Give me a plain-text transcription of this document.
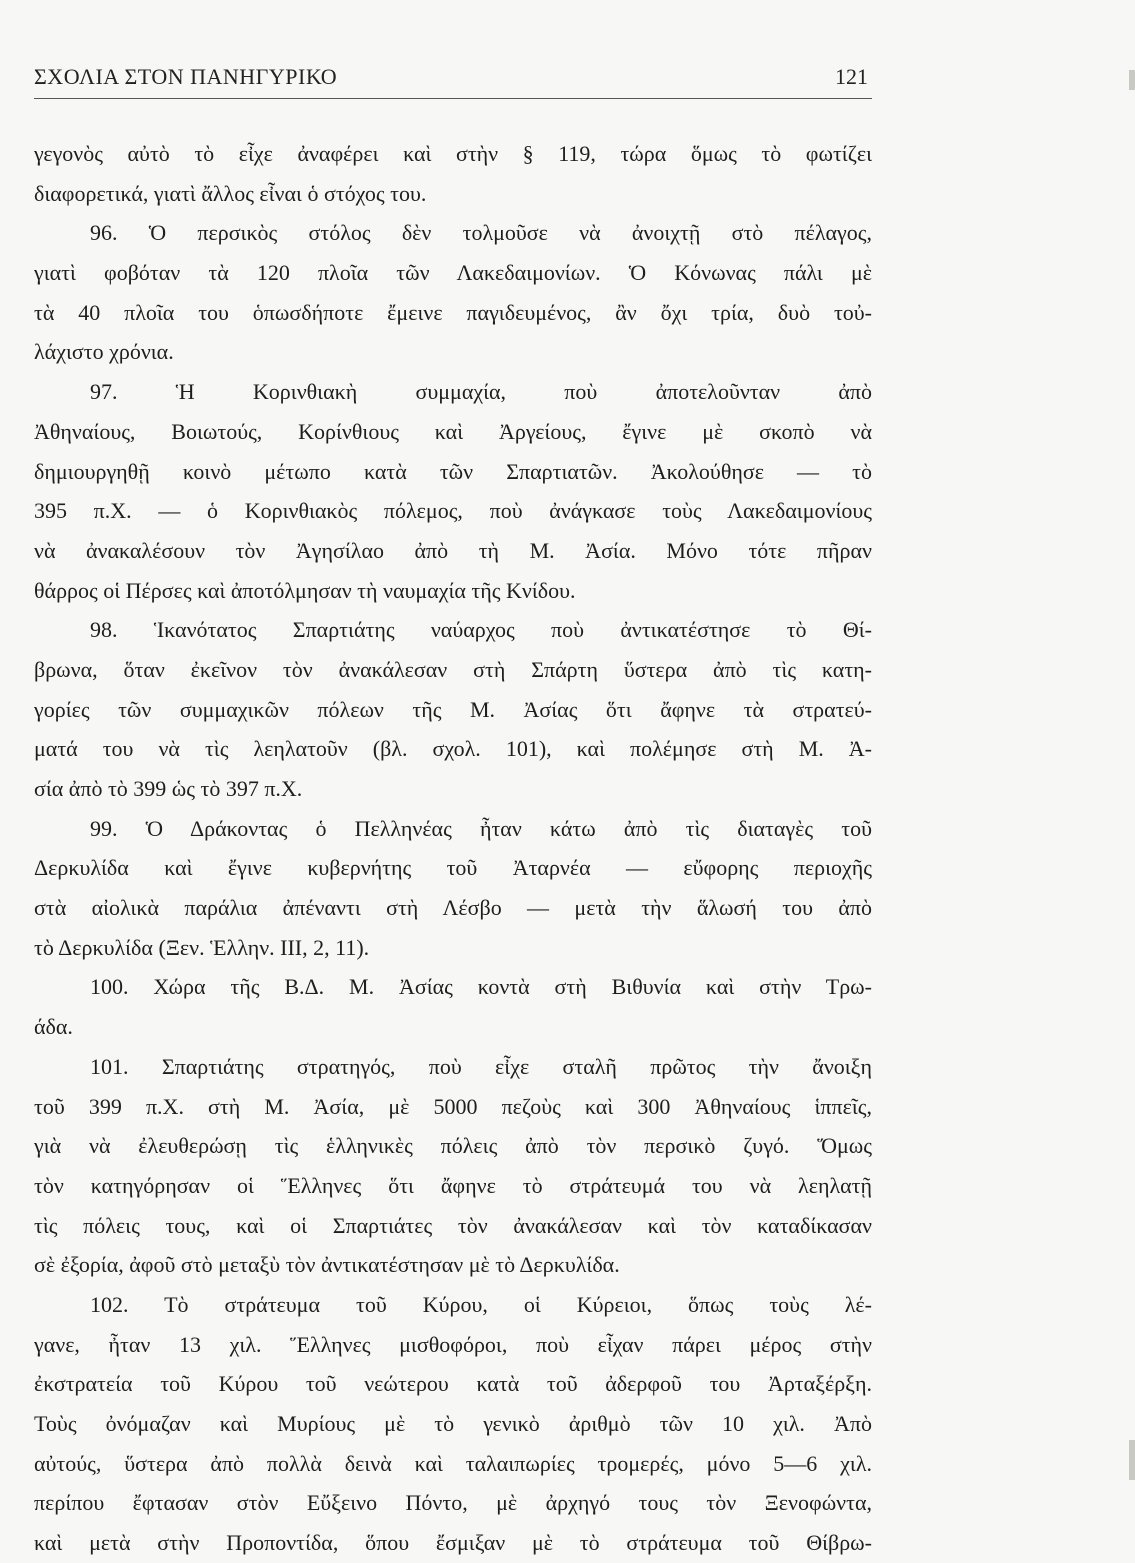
ΣΧΟΛΙΑ ΣΤΟΝ ΠΑΝΗΓΥΡΙΚΟ	121
γεγονὸς αὐτὸ τὸ εἶχε ἀναφέρει καὶ στὴν § 119, τώρα ὅμως τὸ φωτίζει
διαφορετικά, γιατὶ ἄλλος εἶναι ὁ στόχος του.
96. Ὁ περσικὸς στόλος δὲν τολμοῦσε νὰ ἀνοιχτῇ στὸ πέλαγος,
γιατὶ φοβόταν τὰ 120 πλοῖα τῶν Λακεδαιμονίων. Ὁ Κόνωνας πάλι μὲ
τὰ 40 πλοῖα του ὁπωσδήποτε ἔμεινε παγιδευμένος, ἂν ὄχι τρία, δυὸ τοὐ-
λάχιστο χρόνια.
97. Ἡ Κορινθιακὴ συμμαχία, ποὺ ἀποτελοῦνταν ἀπὸ
Ἀθηναίους, Βοιωτούς, Κορίνθιους καὶ Ἀργείους, ἔγινε μὲ σκοπὸ νὰ
δημιουργηθῇ κοινὸ μέτωπο κατὰ τῶν Σπαρτιατῶν. Ἀκολούθησε — τὸ
395 π.Χ. — ὁ Κορινθιακὸς πόλεμος, ποὺ ἀνάγκασε τοὺς Λακεδαιμονίους
νὰ ἀνακαλέσουν τὸν Ἀγησίλαο ἀπὸ τὴ Μ. Ἀσία. Μόνο τότε πῆραν
θάρρος οἱ Πέρσες καὶ ἀποτόλμησαν τὴ ναυμαχία τῆς Κνίδου.
98. Ἱκανότατος Σπαρτιάτης ναύαρχος ποὺ ἀντικατέστησε τὸ Θί-
βρωνα, ὅταν ἐκεῖνον τὸν ἀνακάλεσαν στὴ Σπάρτη ὕστερα ἀπὸ τὶς κατη-
γορίες τῶν συμμαχικῶν πόλεων τῆς Μ. Ἀσίας ὅτι ἄφηνε τὰ στρατεύ-
ματά του νὰ τὶς λεηλατοῦν (βλ. σχολ. 101), καὶ πολέμησε στὴ Μ. Ἀ-
σία ἀπὸ τὸ 399 ὡς τὸ 397 π.Χ.
99. Ὁ Δράκοντας ὁ Πελληνέας ἦταν κάτω ἀπὸ τὶς διαταγὲς τοῦ
Δερκυλίδα καὶ ἔγινε κυβερνήτης τοῦ Ἀταρνέα — εὔφορης περιοχῆς
στὰ αἰολικὰ παράλια ἀπέναντι στὴ Λέσβο — μετὰ τὴν ἅλωσή του ἀπὸ
τὸ Δερκυλίδα (Ξεν. Ἑλλην. III, 2, 11).
100. Χώρα τῆς Β.Δ. Μ. Ἀσίας κοντὰ στὴ Βιθυνία καὶ στὴν Τρω-
άδα.
101. Σπαρτιάτης στρατηγός, ποὺ εἶχε σταλῆ πρῶτος τὴν ἄνοιξη
τοῦ 399 π.Χ. στὴ Μ. Ἀσία, μὲ 5000 πεζοὺς καὶ 300 Ἀθηναίους ἱππεῖς,
γιὰ νὰ ἐλευθερώσῃ τὶς ἑλληνικὲς πόλεις ἀπὸ τὸν περσικὸ ζυγό. Ὅμως
τὸν κατηγόρησαν οἱ Ἕλληνες ὅτι ἄφηνε τὸ στράτευμά του νὰ λεηλατῇ
τὶς πόλεις τους, καὶ οἱ Σπαρτιάτες τὸν ἀνακάλεσαν καὶ τὸν καταδίκασαν
σὲ ἐξορία, ἀφοῦ στὸ μεταξὺ τὸν ἀντικατέστησαν μὲ τὸ Δερκυλίδα.
102. Τὸ στράτευμα τοῦ Κύρου, οἱ Κύρειοι, ὅπως τοὺς λέ-
γανε, ἦταν 13 χιλ. Ἕλληνες μισθοφόροι, ποὺ εἶχαν πάρει μέρος στὴν
ἐκστρατεία τοῦ Κύρου τοῦ νεώτερου κατὰ τοῦ ἀδερφοῦ του Ἀρταξέρξη.
Τοὺς ὀνόμαζαν καὶ Μυρίους μὲ τὸ γενικὸ ἀριθμὸ τῶν 10 χιλ. Ἀπὸ
αὐτούς, ὕστερα ἀπὸ πολλὰ δεινὰ καὶ ταλαιπωρίες τρομερές, μόνο 5—6 χιλ.
περίπου ἔφτασαν στὸν Εὔξεινο Πόντο, μὲ ἀρχηγό τους τὸν Ξενοφώντα,
καὶ μετὰ στὴν Προποντίδα, ὅπου ἔσμιξαν μὲ τὸ στράτευμα τοῦ Θίβρω-
